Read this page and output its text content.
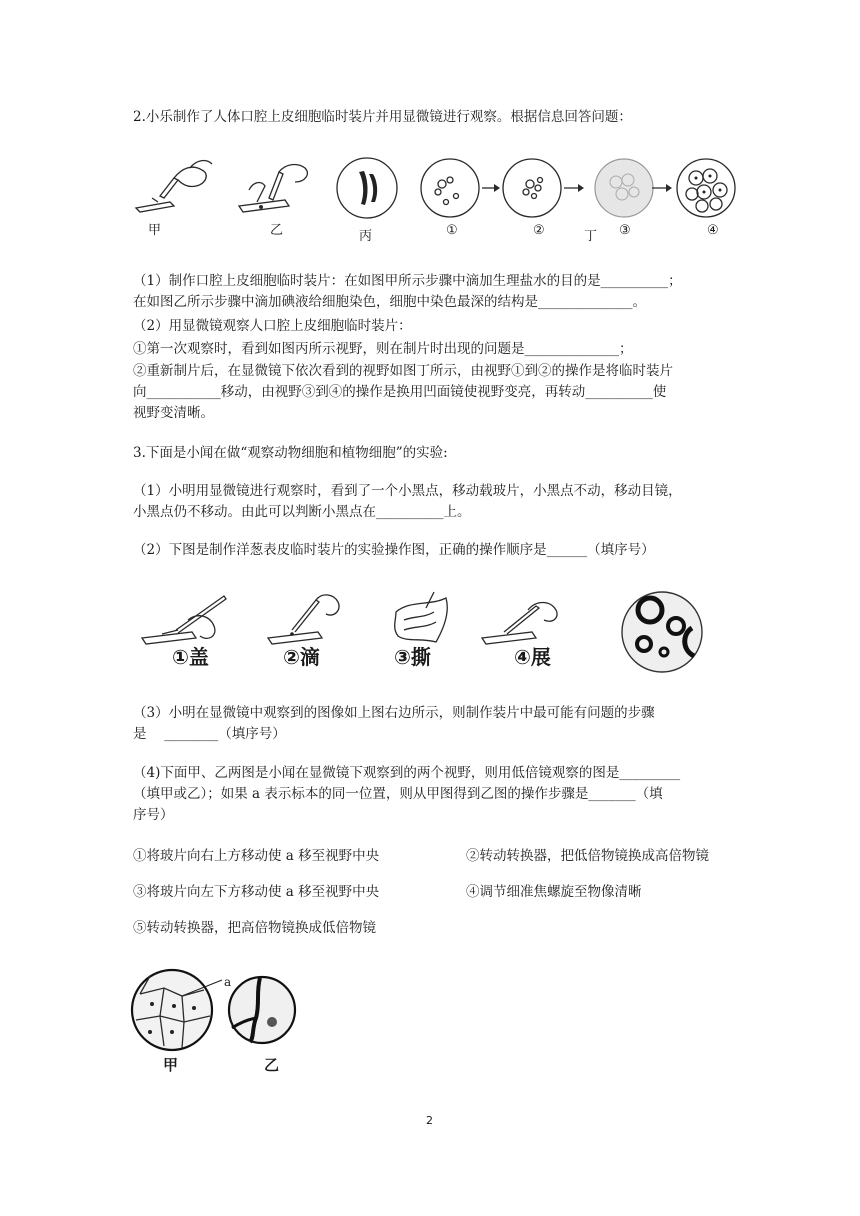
2.小乐制作了人体口腔上皮细胞临时装片并用显微镜进行观察。根据信息回答问题：
甲	乙	丙	①	②	丁 ③	④
（1）制作口腔上皮细胞临时装片：在如图甲所示步骤中滴加生理盐水的目的是__________；
在如图乙所示步骤中滴加碘液给细胞染色，细胞中染色最深的结构是______________。
（2）用显微镜观察人口腔上皮细胞临时装片：
①第一次观察时，看到如图丙所示视野，则在制片时出现的问题是______________；
②重新制片后，在显微镜下依次看到的视野如图丁所示，由视野①到②的操作是将临时装片
向___________移动，由视野③到④的操作是换用凹面镜使视野变亮，再转动__________使
视野变清晰。
3.下面是小闻在做“观察动物细胞和植物细胞”的实验:
（1）小明用显微镜进行观察时，看到了一个小黑点，移动载玻片，小黑点不动，移动目镜，
小黑点仍不移动。由此可以判断小黑点在__________上。
（2）下图是制作洋葱表皮临时装片的实验操作图，正确的操作顺序是______（填序号）
①盖	②滴	③撕	④展
（3）小明在显微镜中观察到的图像如上图右边所示，则制作装片中最可能有问题的步骤
是　 ________（填序号）
（4)下面甲、乙两图是小闻在显微镜下观察到的两个视野，则用低倍镜观察的图是_________
（填甲或乙）；如果 a 表示标本的同一位置，则从甲图得到乙图的操作步骤是_______（填
序号）
①将玻片向右上方移动使 a 移至视野中央	②转动转换器，把低倍物镜换成高倍物镜
③将玻片向左下方移动使 a 移至视野中央	④调节细准焦螺旋至物像清晰
⑤转动转换器，把高倍物镜换成低倍物镜
a
甲	乙
2
